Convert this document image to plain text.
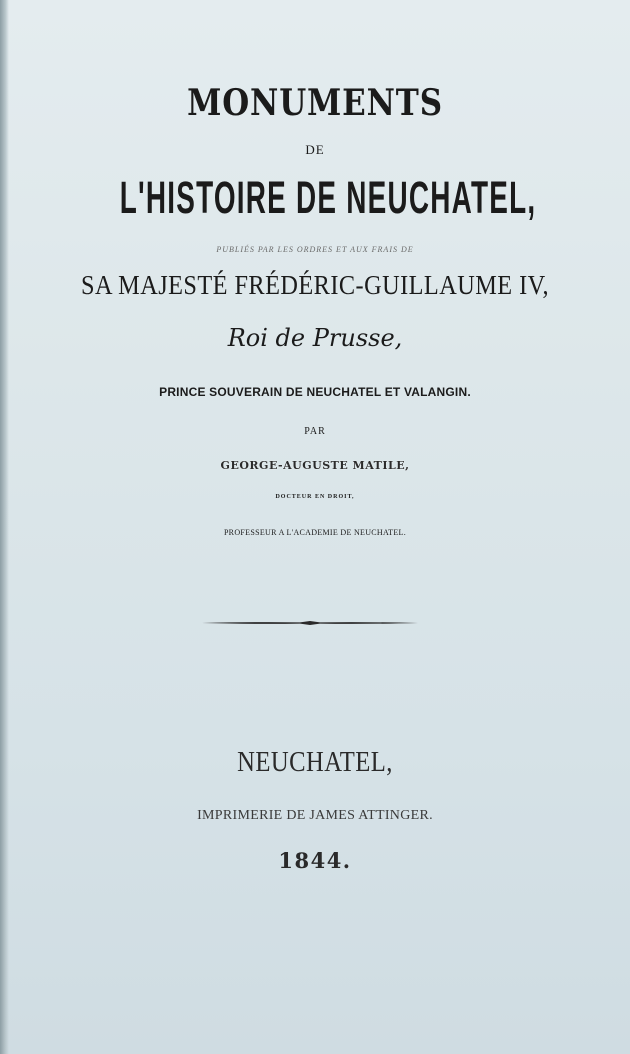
MONUMENTS
DE
L'HISTOIRE DE NEUCHATEL,
PUBLIÉS PAR LES ORDRES ET AUX FRAIS DE
SA MAJESTÉ FRÉDÉRIC-GUILLAUME IV,
Roi de Prusse,
PRINCE SOUVERAIN DE NEUCHATEL ET VALANGIN.
PAR
GEORGE-AUGUSTE MATILE,
DOCTEUR EN DROIT,
PROFESSEUR A L'ACADEMIE DE NEUCHATEL.
NEUCHATEL,
IMPRIMERIE DE JAMES ATTINGER.
1844.
